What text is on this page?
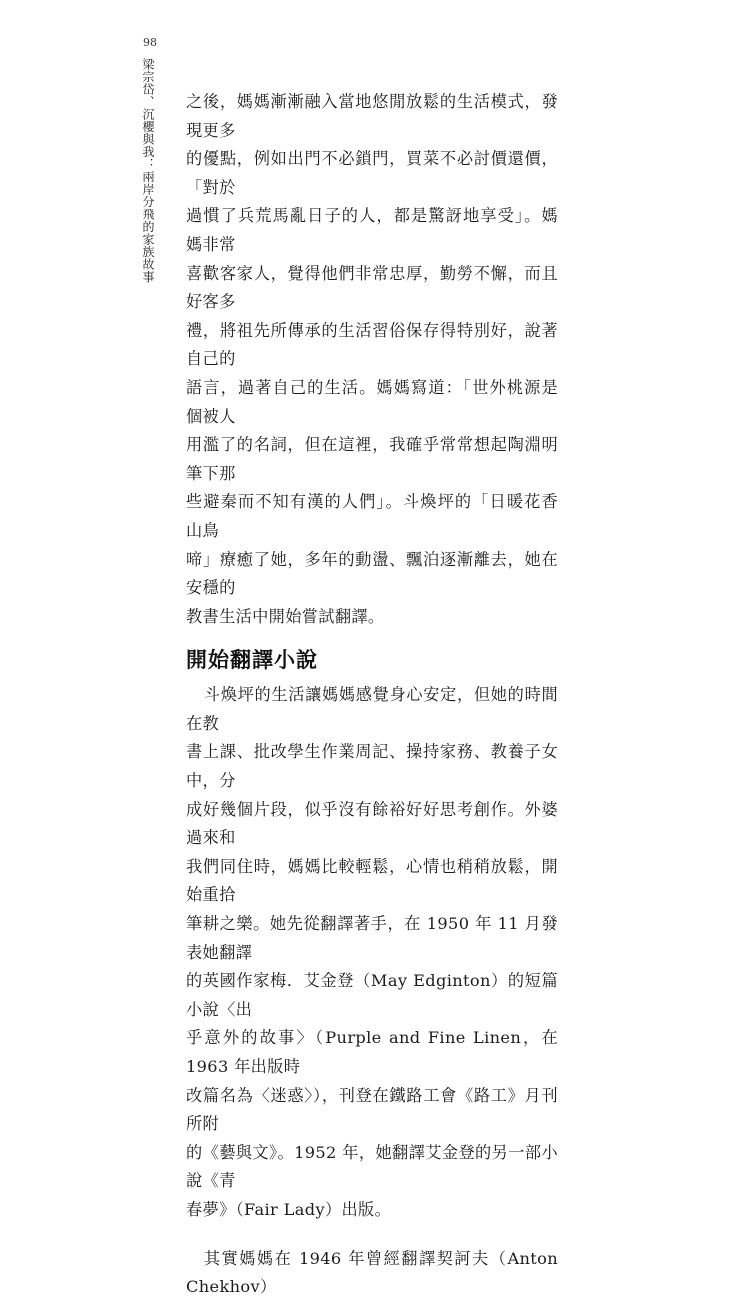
98
梁宗岱、沉櫻與我：兩岸分飛的家族故事 之後，媽媽漸漸融入當地悠閒放鬆的生活模式，發現更多
的優點，例如出門不必鎖門，買菜不必討價還價，「對於
過慣了兵荒馬亂日子的人，都是驚訝地享受」。媽媽非常
喜歡客家人，覺得他們非常忠厚，勤勞不懈，而且好客多
禮，將祖先所傳承的生活習俗保存得特別好，說著自己的
語言，過著自己的生活。媽媽寫道：「世外桃源是個被人
用濫了的名詞，但在這裡，我確乎常常想起陶淵明筆下那
些避秦而不知有漢的人們」。斗煥坪的「日暖花香山鳥
啼」療癒了她，多年的動盪、飄泊逐漸離去，她在安穩的
教書生活中開始嘗試翻譯。

開始翻譯小說

斗煥坪的生活讓媽媽感覺身心安定，但她的時間在教
書上課、批改學生作業周記、操持家務、教養子女中，分
成好幾個片段，似乎沒有餘裕好好思考創作。外婆過來和
我們同住時，媽媽比較輕鬆，心情也稍稍放鬆，開始重拾
筆耕之樂。她先從翻譯著手，在 1950 年 11 月發表她翻譯
的英國作家梅．艾金登（May Edginton）的短篇小說〈出
乎意外的故事〉（Purple and Fine Linen，在 1963 年出版時
改篇名為〈迷惑〉），刊登在鐵路工會《路工》月刊所附
的《藝與文》。1952 年，她翻譯艾金登的另一部小說《青
春夢》（Fair Lady）出版。

其實媽媽在 1946 年曾經翻譯契訶夫（Anton Chekhov）
